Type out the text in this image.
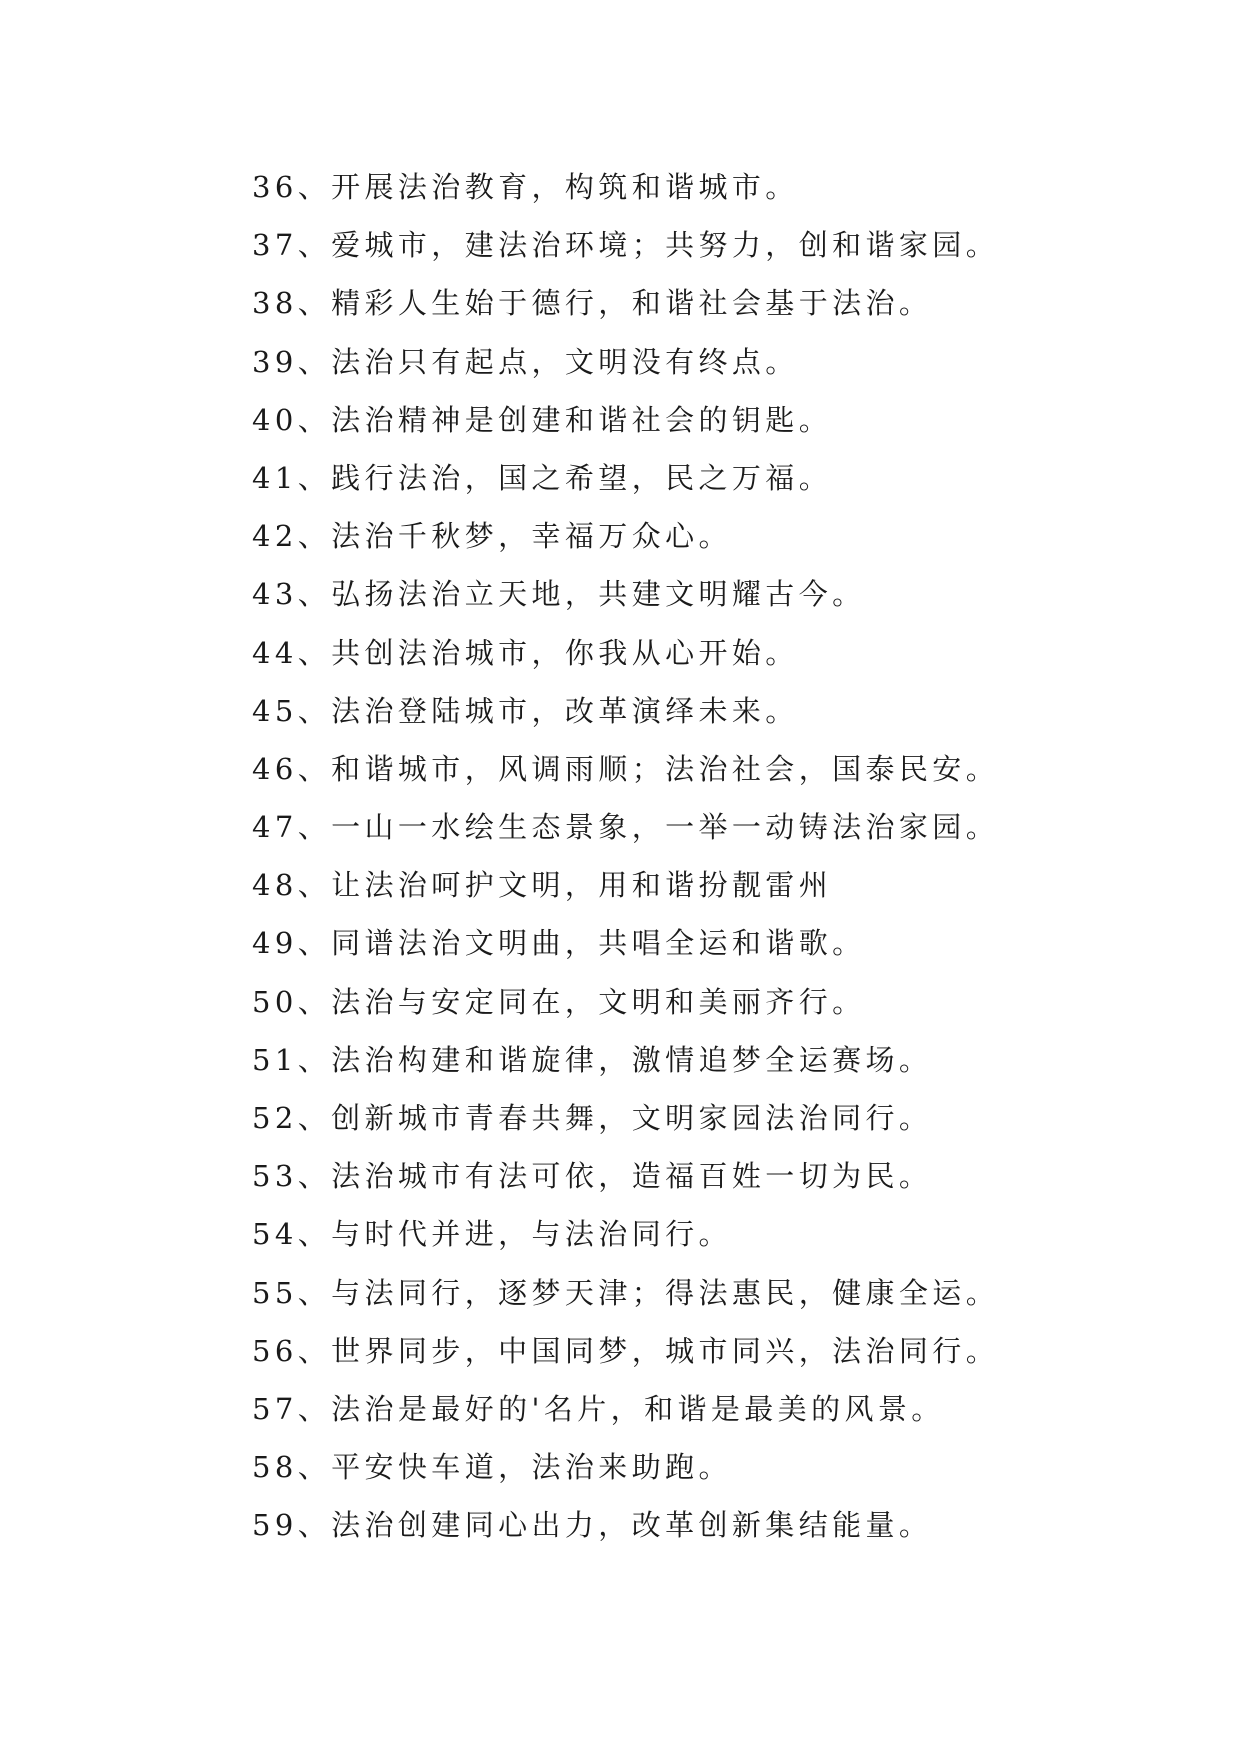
36、开展法治教育，构筑和谐城市。
37、爱城市，建法治环境；共努力，创和谐家园。
38、精彩人生始于德行，和谐社会基于法治。
39、法治只有起点，文明没有终点。
40、法治精神是创建和谐社会的钥匙。
41、践行法治，国之希望，民之万福。
42、法治千秋梦，幸福万众心。
43、弘扬法治立天地，共建文明耀古今。
44、共创法治城市，你我从心开始。
45、法治登陆城市，改革演绎未来。
46、和谐城市，风调雨顺；法治社会，国泰民安。
47、一山一水绘生态景象，一举一动铸法治家园。
48、让法治呵护文明，用和谐扮靓雷州
49、同谱法治文明曲，共唱全运和谐歌。
50、法治与安定同在，文明和美丽齐行。
51、法治构建和谐旋律，激情追梦全运赛场。
52、创新城市青春共舞，文明家园法治同行。
53、法治城市有法可依，造福百姓一切为民。
54、与时代并进，与法治同行。
55、与法同行，逐梦天津；得法惠民，健康全运。
56、世界同步，中国同梦，城市同兴，法治同行。
57、法治是最好的'名片，和谐是最美的风景。
58、平安快车道，法治来助跑。
59、法治创建同心出力，改革创新集结能量。
